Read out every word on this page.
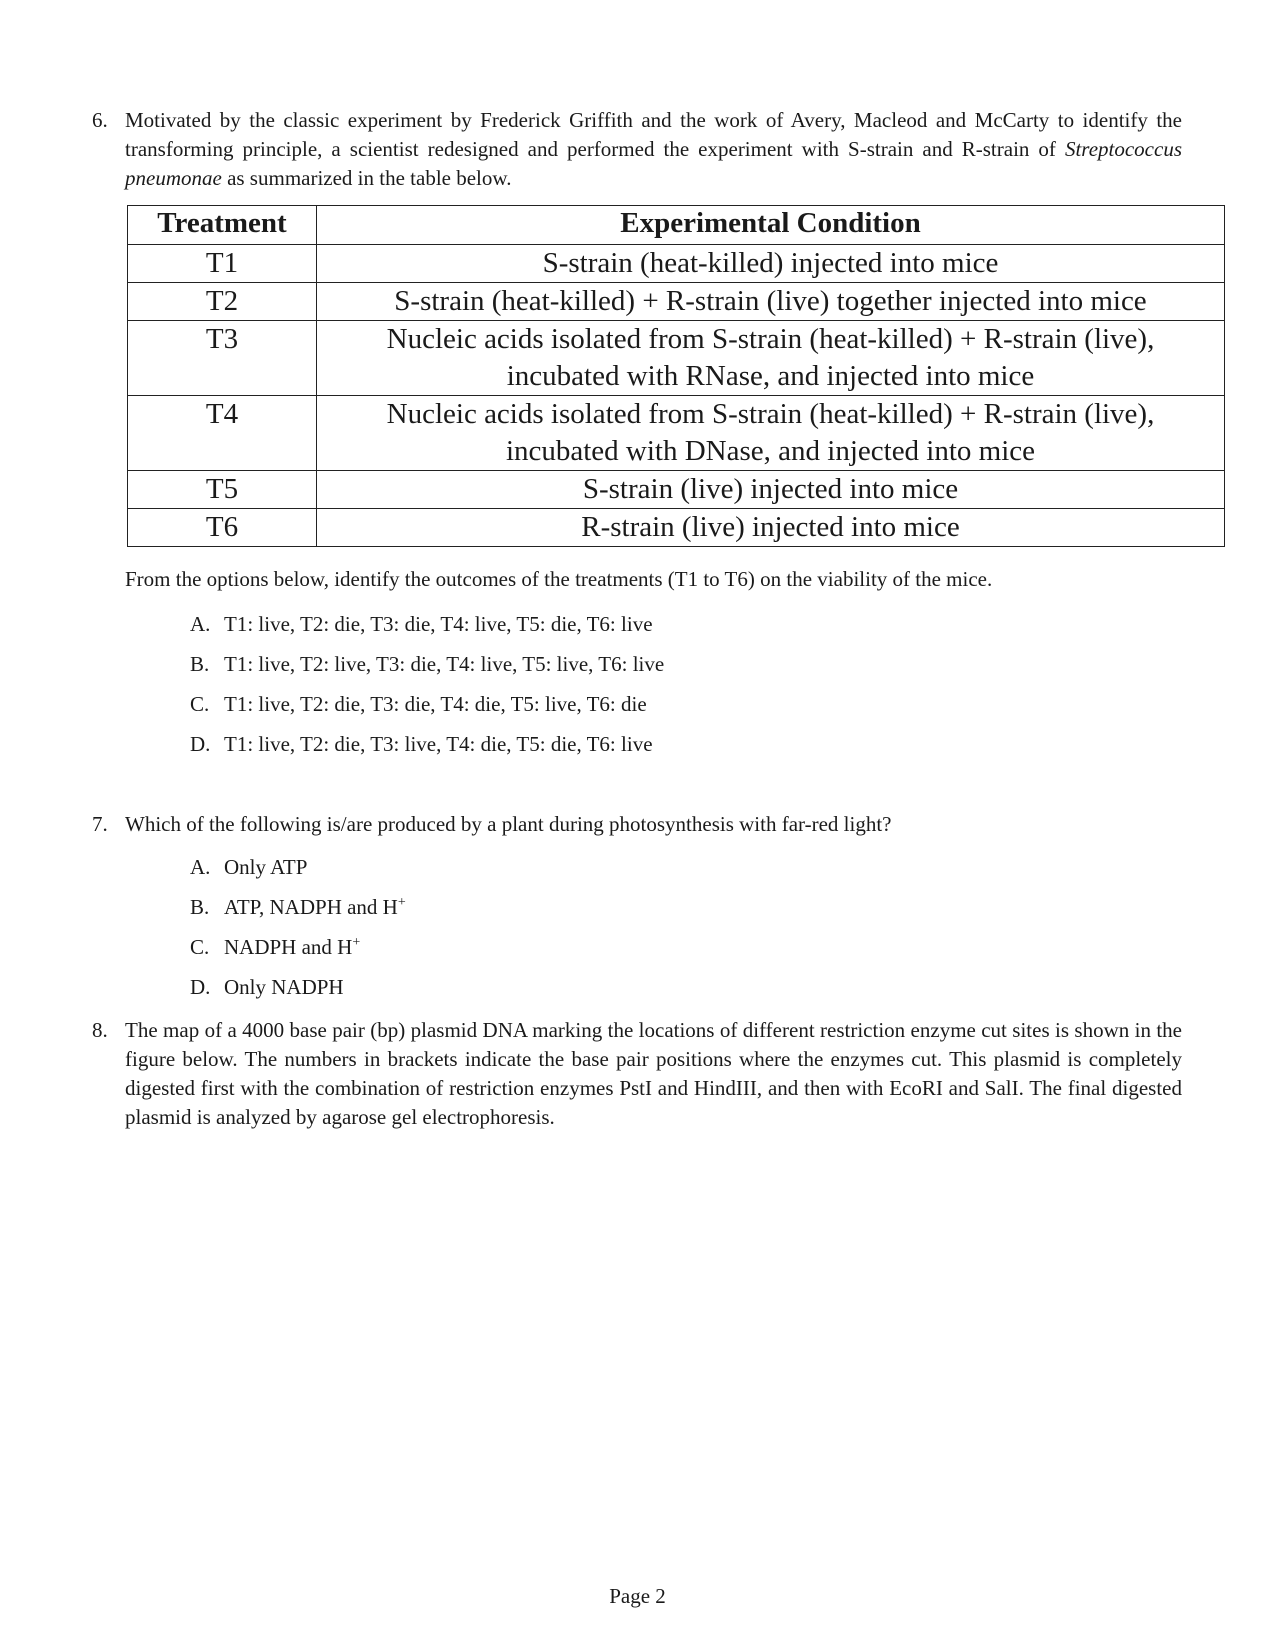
6. Motivated by the classic experiment by Frederick Griffith and the work of Avery, Macleod and McCarty to identify the transforming principle, a scientist redesigned and performed the experiment with S-strain and R-strain of Streptococcus pneumonae as summarized in the table below.
Treatment	Experimental Condition
T1	S-strain (heat-killed) injected into mice

T2	S-strain (heat-killed) + R-strain (live) together injected into mice

T3	Nucleic acids isolated from S-strain (heat-killed) + R-strain (live),
incubated with RNase, and injected into mice

T4	Nucleic acids isolated from S-strain (heat-killed) + R-strain (live),
incubated with DNase, and injected into mice

T5	S-strain (live) injected into mice

T6	R-strain (live) injected into mice
From the options below, identify the outcomes of the treatments (T1 to T6) on the viability of the mice.
A. T1: live, T2: die, T3: die, T4: live, T5: die, T6: live
B. T1: live, T2: live, T3: die, T4: live, T5: live, T6: live
C. T1: live, T2: die, T3: die, T4: die, T5: live, T6: die
D. T1: live, T2: die, T3: live, T4: die, T5: die, T6: live
7. Which of the following is/are produced by a plant during photosynthesis with far-red light?
A. Only ATP
B. ATP, NADPH and H+
C. NADPH and H+
D. Only NADPH
8. The map of a 4000 base pair (bp) plasmid DNA marking the locations of different restriction enzyme cut sites is shown in the figure below. The numbers in brackets indicate the base pair positions where the enzymes cut. This plasmid is completely digested first with the combination of restriction enzymes PstI and HindIII, and then with EcoRI and SalI. The final digested plasmid is analyzed by agarose gel electrophoresis.
Page 2
